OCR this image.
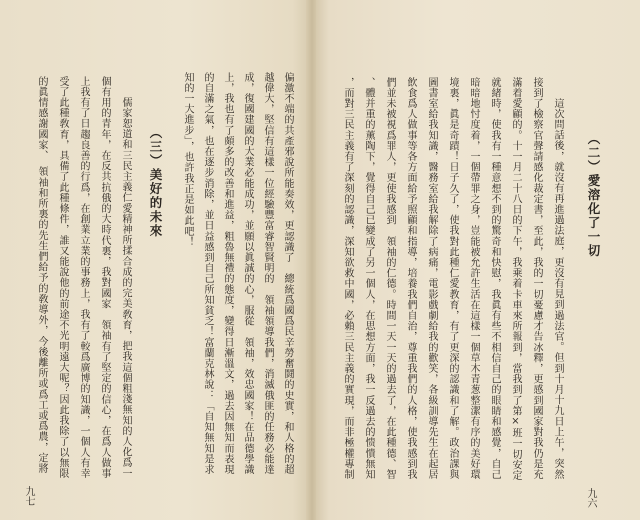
偏激不端的共產邪說所能奏效，更認識了　總統爲國爲民辛勞奮鬪的史實，和人格的超
越偉大，堅信有這樣一位經驗豐富睿智賢明的　領袖領導我們，消滅俄匪的任務必能達
成，復國建國的大業必能成功，並願以眞誠的心，服從　領袖，效忠國家！在品德學識
上，我也有了頗多的改善和進益，粗魯無禮的態度，變得日漸溫文，過去因無知而表現
的自滿之氣，也在逐步消除，並日益感到自己所知貧乏！富蘭克林說：「自知無知是求
知的一大進步」，也許我正是如此吧！
（三）美好的未來
儒家恕道和三民主義仁愛精神所揉合成的完美敎育，把我這個粗淺無知的人化爲一
個有用的青年，在反共抗俄的大時代裏，我對國家　領袖有了堅定的信心，在爲人做事
上我有了日趨良善的行爲，在創業立業的事務上，我有了較爲廣博的知識，一個人有幸
受了此種敎育，具備了此種條件，誰又能說他的前途不光明遠大呢？因此我除了以無限
的眞情感謝國家、　領袖和所裏的先生們給予的敎導外，今後離所或爲工或爲農，定將
九七
（二）愛溶化了一切
這次問話後，就沒有再進過法庭，更沒有見到過法官。但到十月十九日上午，突然
接到了檢察官聲請感化裁定書，至此，我的一切憂慮才告冰釋，更感到國家對我仍是充
滿着愛顧的。十一月二十八日的下午，我乘着卡車來所報到，當我到了第×班一切安定
就緒時，使我有一種意想不到的驚奇和快慰，我眞有些不相信自己的眼睛和感覺，自己
暗暗地忖度着，一個帶罪之身，豈能被允許生活在這樣一個草木青葱整潔有序的美好環
境裏，眞是奇蹟！日子久了，使我對此種仁愛教育，有了更深的認識和了解。政治課與
圖書室給我知識，醫務室給我解除了病痛，電影戲劇給我的歡笑，各級訓導先生在起居
飲食爲人做事等各方面給予照顧和指導，培養我們自治，尊重我們的人格，使我感到我
們並未被視爲罪人，更使我感到　領袖的仁德。時間一天一天的過去了，在此種德、智
、體并重的薰陶下，覺得自己已變成了另一個人，在思想方面，我一反過去的愦憒無知
，而對三民主義有了深刻的認識，深知欲救中國，必賴三民主義的實現，而非極權專制
九六
